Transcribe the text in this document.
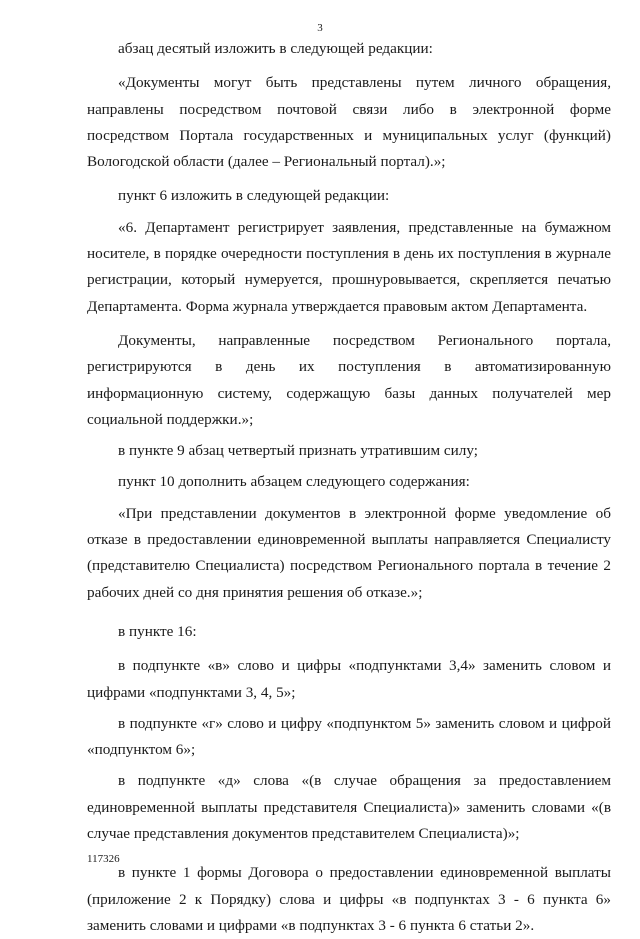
3

абзац десятый изложить в следующей редакции:

«Документы могут быть представлены путем личного обращения, направлены посредством почтовой связи либо в электронной форме посредством Портала государственных и муниципальных услуг (функций) Вологодской области (далее – Региональный портал).»;

пункт 6 изложить в следующей редакции:

«6. Департамент регистрирует заявления, представленные на бумажном носителе, в порядке очередности поступления в день их поступления в журнале регистрации, который нумеруется, прошнуровывается, скрепляется печатью Департамента. Форма журнала утверждается правовым актом Департамента.

Документы, направленные посредством Регионального портала, регистрируются в день их поступления в автоматизированную информационную систему, содержащую базы данных получателей мер социальной поддержки.»;

в пункте 9 абзац четвертый признать утратившим силу;

пункт 10 дополнить абзацем следующего содержания:

«При представлении документов в электронной форме уведомление об отказе в предоставлении единовременной выплаты направляется Специалисту (представителю Специалиста) посредством Регионального портала в течение 2 рабочих дней со дня принятия решения об отказе.»;

в пункте 16:

в подпункте «в» слово и цифры «подпунктами 3,4» заменить словом и цифрами «подпунктами 3, 4, 5»;

в подпункте «г» слово и цифру «подпунктом 5» заменить словом и цифрой «подпунктом 6»;

в подпункте «д» слова «(в случае обращения за предоставлением единовременной выплаты представителя Специалиста)» заменить словами «(в случае представления документов представителем Специалиста)»;

в пункте 1 формы Договора о предоставлении единовременной выплаты (приложение 2 к Порядку) слова и цифры «в подпунктах 3 - 6 пункта 6» заменить словами и цифрами «в подпунктах 3 - 6 пункта 6 статьи 2».

117326
